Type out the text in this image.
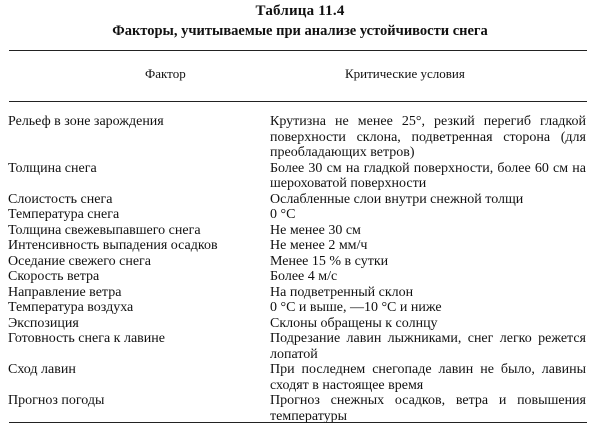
Таблица 11.4
Факторы, учитываемые при анализе устойчивости снега
Фактор	Критические условия
Рельеф в зоне зарождения	Крутизна не менее 25°, резкий перегиб гладкой поверхности склона, подветренная сторона (для преобладающих ветров)
Толщина снега	Более 30 см на гладкой поверхности, более 60 см на шероховатой поверхности
Слоистость снега	Ослабленные слои внутри снежной толщи
Температура снега	0 °С
Толщина свежевыпавшего снега	Не менее 30 см
Интенсивность выпадения осадков	Не менее 2 мм/ч
Оседание свежего снега	Менее 15 % в сутки
Скорость ветра	Более 4 м/с
Направление ветра	На подветренный склон
Температура воздуха	0 °С и выше, —10 °С и ниже
Экспозиция	Склоны обращены к солнцу
Готовность снега к лавине	Подрезание лавин лыжниками, снег легко режется лопатой
Сход лавин	При последнем снегопаде лавин не было, лавины сходят в настоящее время
Прогноз погоды	Прогноз снежных осадков, ветра и повышения температуры
